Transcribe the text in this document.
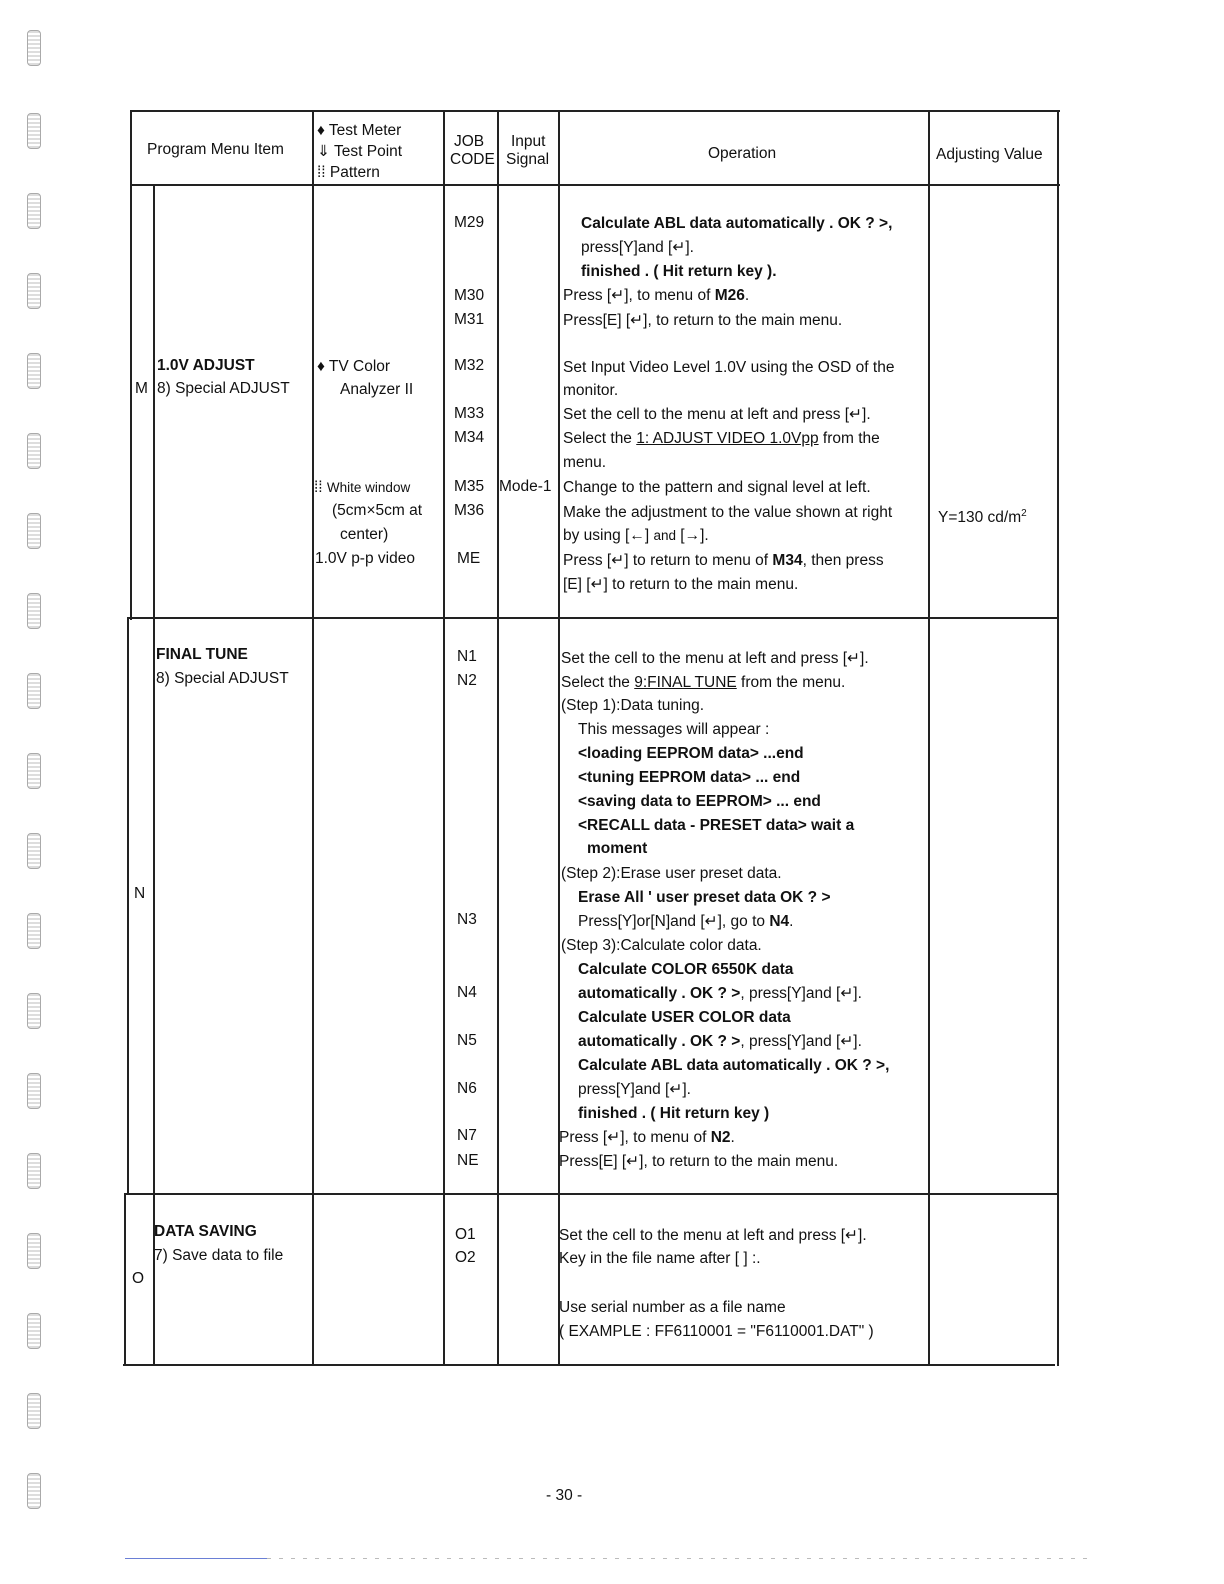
Program Menu Item
♦ Test Meter
⇓ Test Point
⁞⁞ Pattern
JOB
CODE
Input
Signal	Operation	Adjusting Value
M
1.0V ADJUST
8) Special ADJUST
♦ TV Color
Analyzer II
⁞⁞ White window
(5cm×5cm at
center)
1.0V p-p video
M29
M30
M31
M32
M33
M34
M35
M36
ME
Mode-1
Calculate ABL data automatically . OK ? >,
press[Y]and [↵].
finished . ( Hit return key ).
Press [↵], to menu of M26.
Press[E] [↵], to return to the main menu.
Set Input Video Level 1.0V using the OSD of the
monitor.
Set the cell to the menu at left and press [↵].
Select the 1: ADJUST VIDEO 1.0Vpp from the
menu.
Change to the pattern and signal level at left.
Make the adjustment to the value shown at right
by using [←] and [→].
Press [↵] to return to menu of M34, then press
[E] [↵] to return to the main menu.
Y=130 $cd/m^2$
N
FINAL TUNE
8) Special ADJUST
N1
N2
N3
N4
N5
N6
N7
NE
Set the cell to the menu at left and press [↵].
Select the 9:FINAL TUNE from the menu.
(Step 1):Data tuning.
This messages will appear :
<loading EEPROM data> ...end
<tuning EEPROM data> ... end
<saving data to EEPROM> ... end
<RECALL data - PRESET data> wait a
moment
(Step 2):Erase user preset data.
Erase All ' user preset data OK ? >
Press[Y]or[N]and [↵], go to N4.
(Step 3):Calculate color data.
Calculate COLOR 6550K data
automatically . OK ? >, press[Y]and [↵].
Calculate USER COLOR data
automatically . OK ? >, press[Y]and [↵].
Calculate ABL data automatically . OK ? >,
press[Y]and [↵].
finished . ( Hit return key )
Press [↵], to menu of N2.
Press[E] [↵], to return to the main menu.
O
DATA SAVING
7) Save data to file
O1
O2
Set the cell to the menu at left and press [↵].
Key in the file name after [ ] :.
Use serial number as a file name
( EXAMPLE : FF6110001 = "F6110001.DAT" )
- 30 -
